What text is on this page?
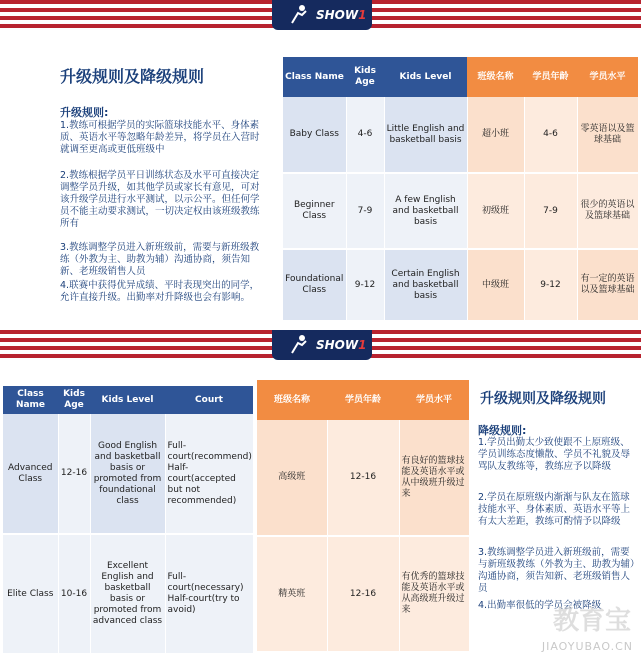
SHOW1
升级规则及降级规则
升级规则:
1.教练可根据学员的实际篮球技能水平、身体素质、英语水平等忽略年龄差异，将学员在入营时就调至更高或更低班级中
2.教练根据学员平日训练状态及水平可直接决定调整学员升级，如其他学员或家长有意见，可对该升级学员进行水平测试，以示公平。但任何学员不能主动要求测试，一切决定权由该班级教练所有
3.教练调整学员进入新班级前，需要与新班级教练（外教为主、助教为辅）沟通协商，须告知新、老班级销售人员
4.联赛中获得优异成绩、平时表现突出的同学，允许直接升级。出勤率对升降级也会有影响。
Class Name	Kids Age	Kids Level	班级名称	学员年龄	学员水平
Baby Class	4-6	Little English and basketball basis	超小班	4-6	零英语以及篮球基础
Beginner Class	7-9	A few English and basketball basis	初级班	7-9	很少的英语以及篮球基础
Foundational Class	9-12	Certain English and basketball basis	中级班	9-12	有一定的英语以及篮球基础
SHOW1
Class Name	Kids Age	Kids Level	Court
Advanced Class	12-16	Good English and basketball basis or promoted from foundational class	Full-court(recommend) Half-court(accepted but not recommended)
Elite Class	10-16	Excellent English and basketball basis or promoted from advanced class	Full-court(necessary) Half-court(try to avoid)
班级名称	学员年龄	学员水平
高级班	12-16	有良好的篮球技能及英语水平或从中级班升级过来
精英班	12-16	有优秀的篮球技能及英语水平或从高级班升级过来
升级规则及降级规则
降级规则:
1.学员出勤太少致使跟不上原班级、学员训练态度懒散、学员不礼貌及辱骂队友教练等，教练应予以降级
2.学员在原班级内渐渐与队友在篮球技能水平、身体素质、英语水平等上有太大差距，教练可酌情予以降级
3.教练调整学员进入新班级前，需要与新班级教练（外教为主、助教为辅）沟通协商，须告知新、老班级销售人员
4.出勤率很低的学员会被降级
教育宝
JIAOYUBAO.CN
